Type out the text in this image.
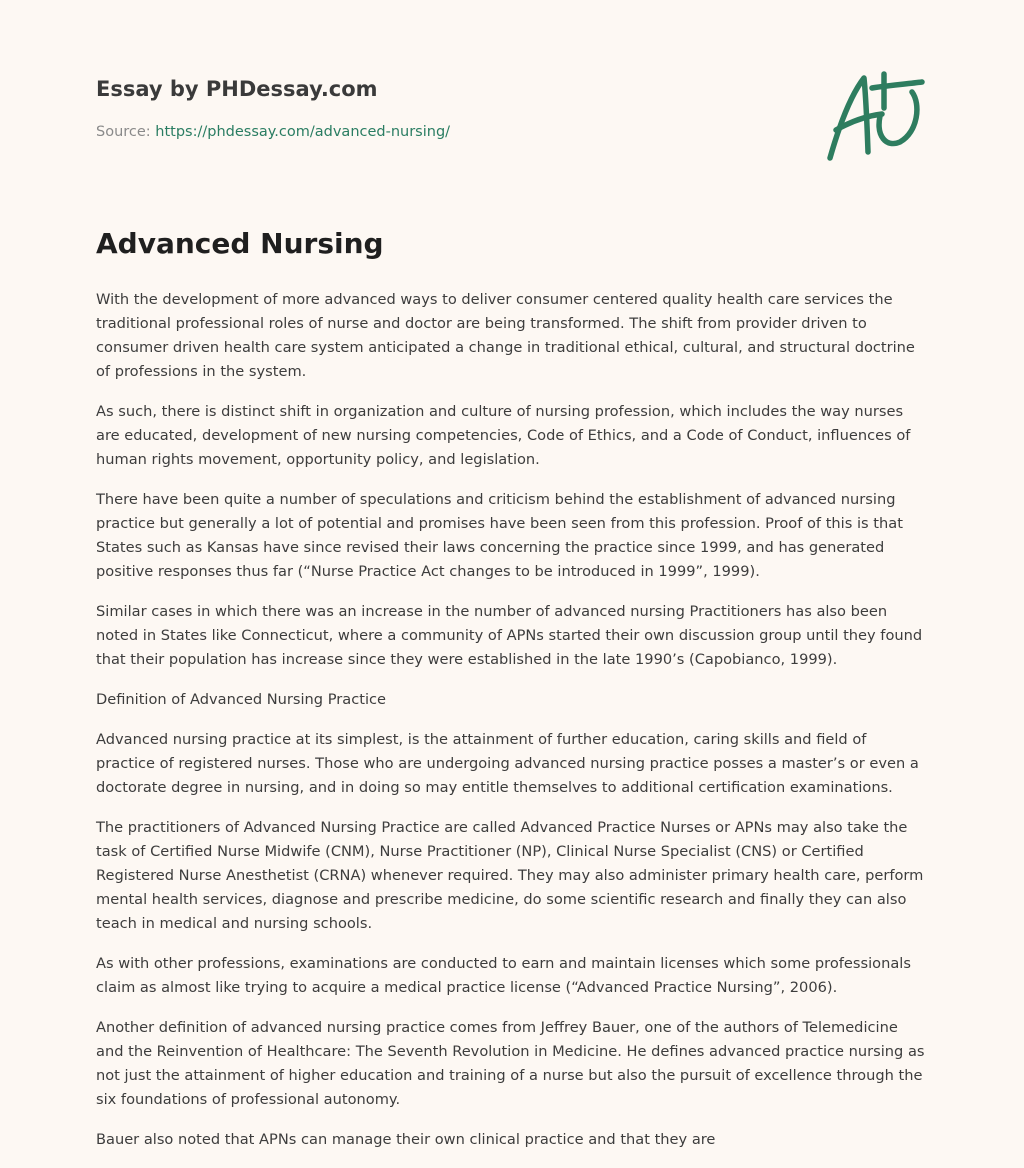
Essay by PHDessay.com
Source: https://phdessay.com/advanced-nursing/
Advanced Nursing

With the development of more advanced ways to deliver consumer centered quality health care services the traditional professional roles of nurse and doctor are being transformed. The shift from provider driven to consumer driven health care system anticipated a change in traditional ethical, cultural, and structural doctrine of professions in the system.

As such, there is distinct shift in organization and culture of nursing profession, which includes the way nurses are educated, development of new nursing competencies, Code of Ethics, and a Code of Conduct, influences of human rights movement, opportunity policy, and legislation.

There have been quite a number of speculations and criticism behind the establishment of advanced nursing practice but generally a lot of potential and promises have been seen from this profession. Proof of this is that States such as Kansas have since revised their laws concerning the practice since 1999, and has generated positive responses thus far (“Nurse Practice Act changes to be introduced in 1999”, 1999).

Similar cases in which there was an increase in the number of advanced nursing Practitioners has also been noted in States like Connecticut, where a community of APNs started their own discussion group until they found that their population has increase since they were established in the late 1990’s (Capobianco, 1999).

Definition of Advanced Nursing Practice

Advanced nursing practice at its simplest, is the attainment of further education, caring skills and field of practice of registered nurses. Those who are undergoing advanced nursing practice posses a master’s or even a doctorate degree in nursing, and in doing so may entitle themselves to additional certification examinations.

The practitioners of Advanced Nursing Practice are called Advanced Practice Nurses or APNs may also take the task of Certified Nurse Midwife (CNM), Nurse Practitioner (NP), Clinical Nurse Specialist (CNS) or Certified Registered Nurse Anesthetist (CRNA) whenever required. They may also administer primary health care, perform mental health services, diagnose and prescribe medicine, do some scientific research and finally they can also teach in medical and nursing schools.

As with other professions, examinations are conducted to earn and maintain licenses which some professionals claim as almost like trying to acquire a medical practice license (“Advanced Practice Nursing”, 2006).

Another definition of advanced nursing practice comes from Jeffrey Bauer, one of the authors of Telemedicine and the Reinvention of Healthcare: The Seventh Revolution in Medicine. He defines advanced practice nursing as not just the attainment of higher education and training of a nurse but also the pursuit of excellence through the six foundations of professional autonomy.

Bauer also noted that APNs can manage their own clinical practice and that they are
